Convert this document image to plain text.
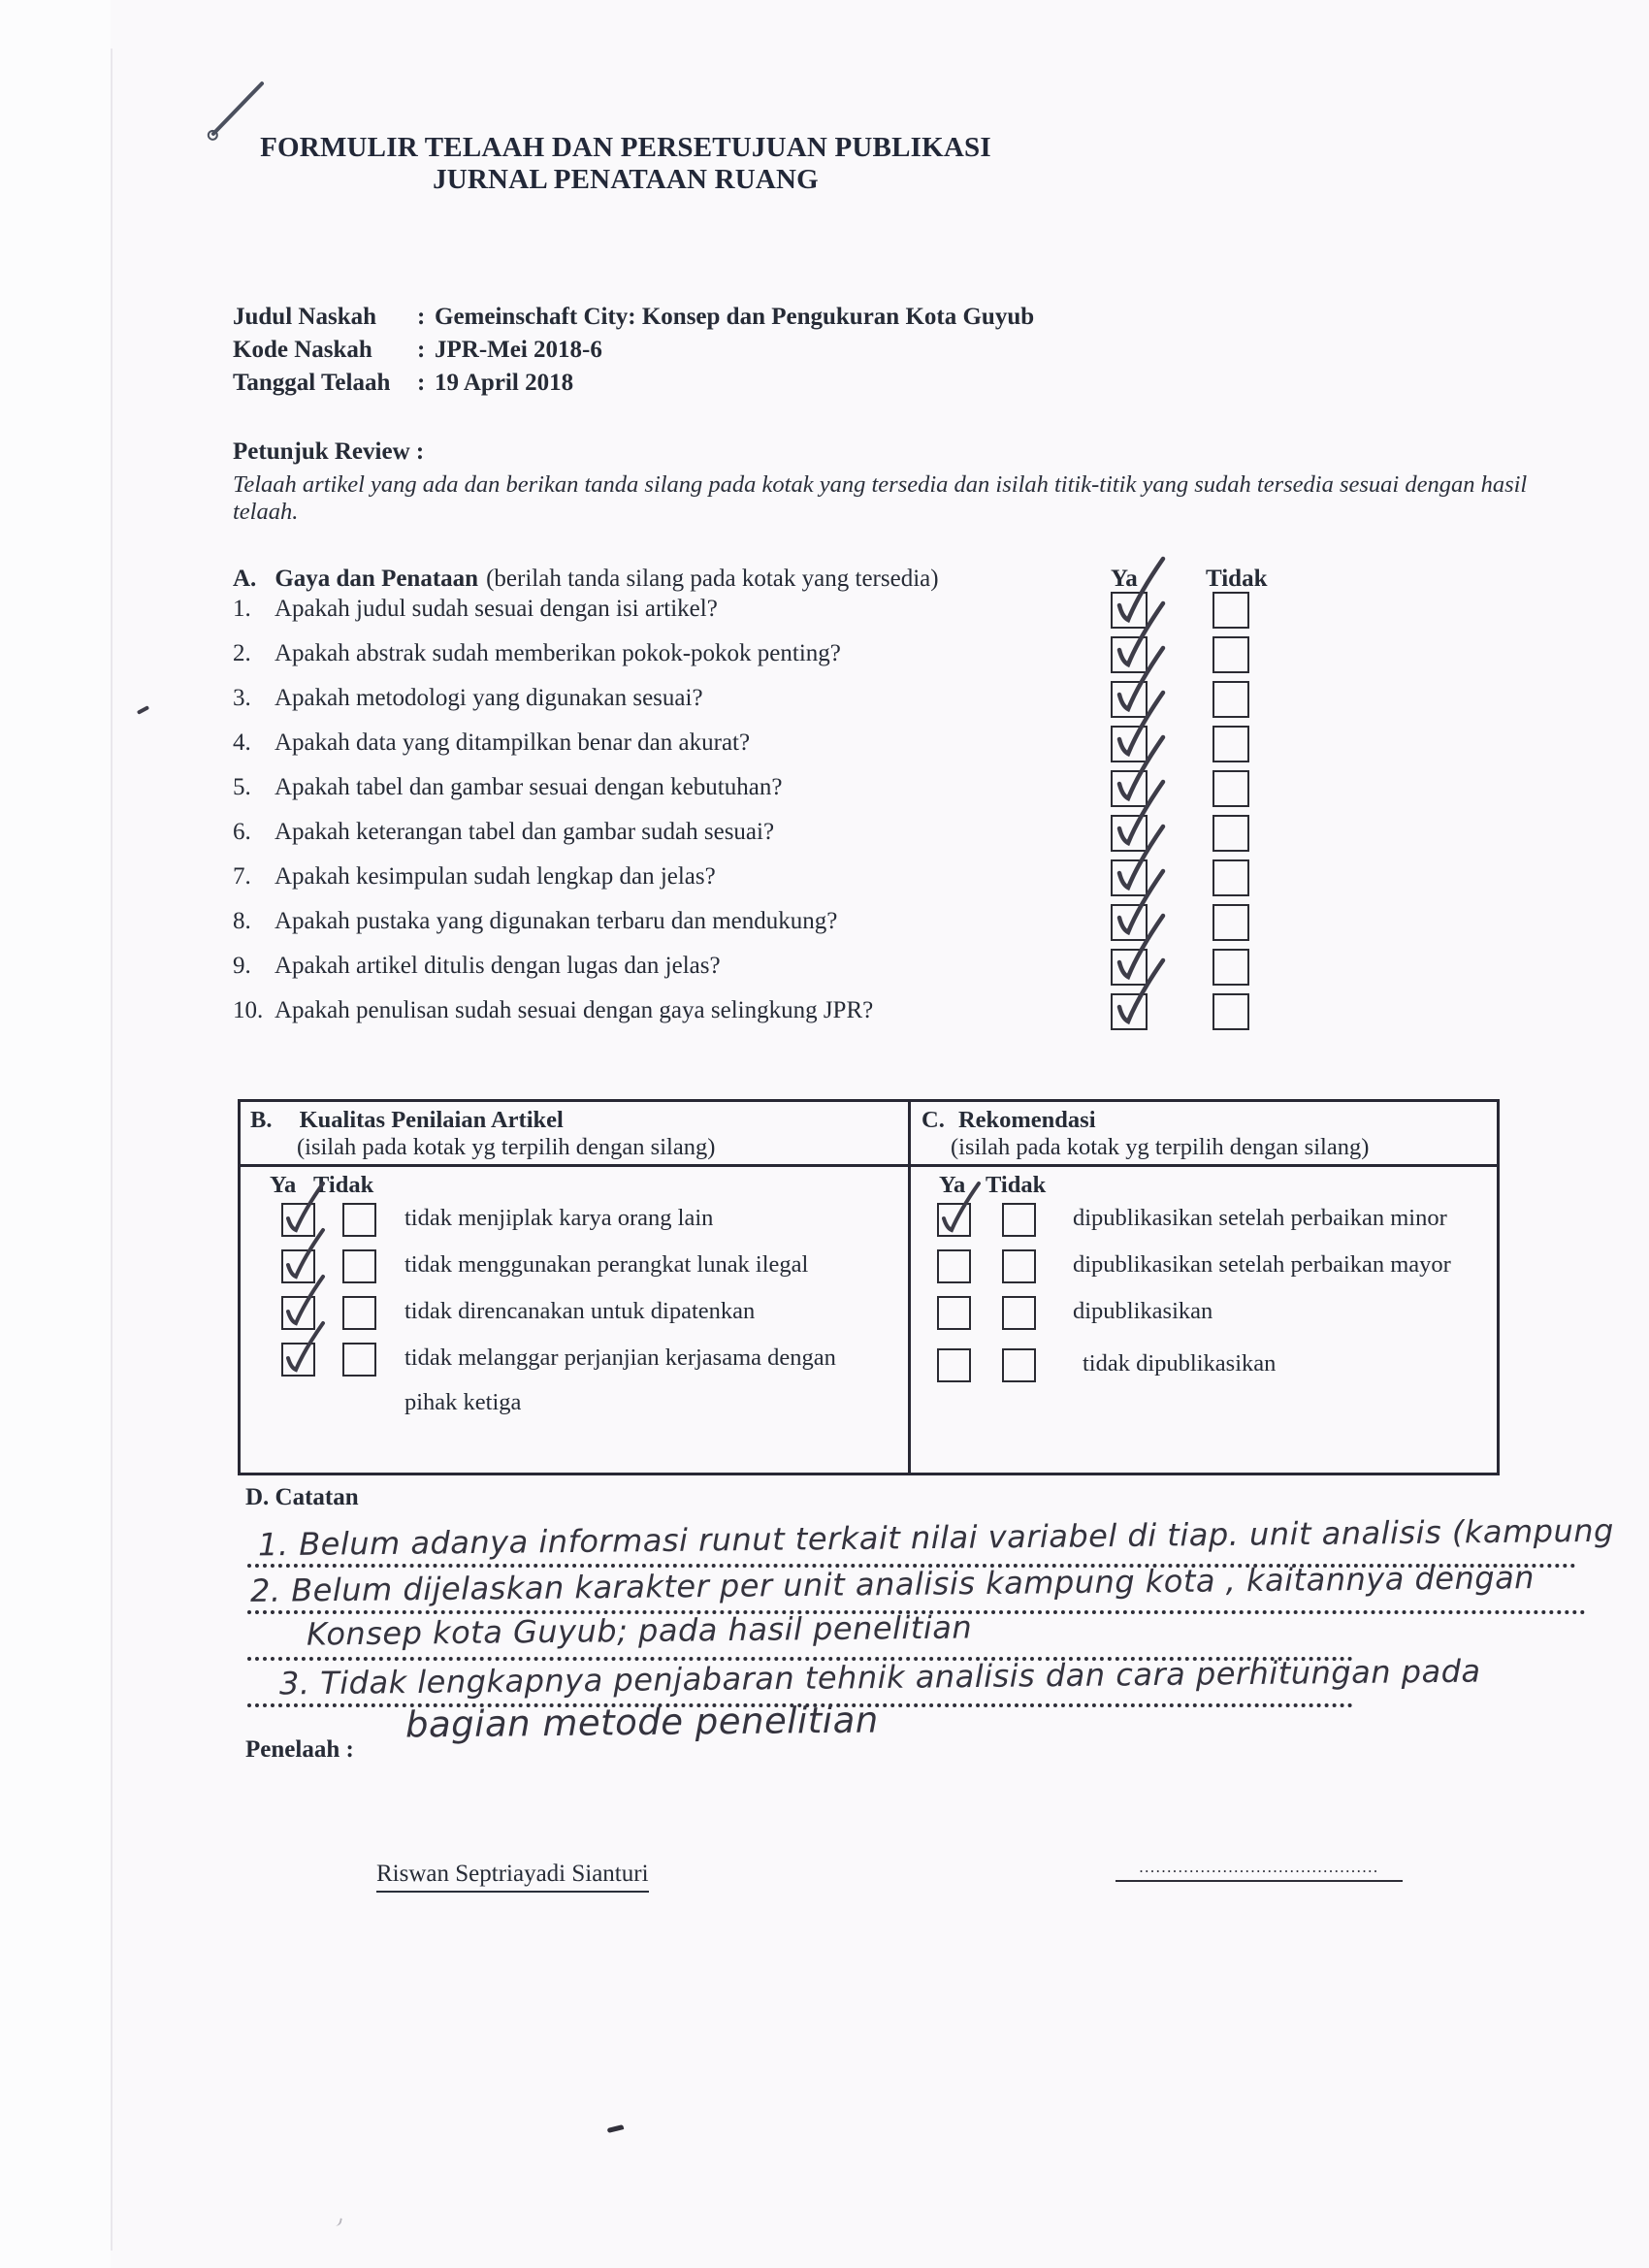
FORMULIR TELAAH DAN PERSETUJUAN PUBLIKASI
JURNAL PENATAAN RUANG
Judul Naskah : Gemeinschaft City: Konsep dan Pengukuran Kota Guyub
Kode Naskah : JPR-Mei 2018-6
Tanggal Telaah : 19 April 2018
Petunjuk Review :
Telaah artikel yang ada dan berikan tanda silang pada kotak yang tersedia dan isilah titik-titik yang sudah tersedia sesuai dengan hasil telaah.
A. Gaya dan Penataan (berilah tanda silang pada kotak yang tersedia)	Ya	Tidak
1. Apakah judul sudah sesuai dengan isi artikel?
2. Apakah abstrak sudah memberikan pokok-pokok penting?
3. Apakah metodologi yang digunakan sesuai?
4. Apakah data yang ditampilkan benar dan akurat?
5. Apakah tabel dan gambar sesuai dengan kebutuhan?
6. Apakah keterangan tabel dan gambar sudah sesuai?
7. Apakah kesimpulan sudah lengkap dan jelas?
8. Apakah pustaka yang digunakan terbaru dan mendukung?
9. Apakah artikel ditulis dengan lugas dan jelas?
10. Apakah penulisan sudah sesuai dengan gaya selingkung JPR?
B. Kualitas Penilaian Artikel
(isilah pada kotak yg terpilih dengan silang)
Ya Tidak
tidak menjiplak karya orang lain
tidak menggunakan perangkat lunak ilegal
tidak direncanakan untuk dipatenkan
tidak melanggar perjanjian kerjasama dengan
pihak ketiga
C. Rekomendasi
(isilah pada kotak yg terpilih dengan silang)
Ya Tidak
dipublikasikan setelah perbaikan minor
dipublikasikan setelah perbaikan mayor
dipublikasikan
tidak dipublikasikan
D. Catatan
1. Belum adanya informasi runut terkait nilai variabel di tiap. unit analisis (kampung
2. Belum dijelaskan karakter per unit analisis kampung kota , kaitannya dengan
Konsep kota Guyub; pada hasil penelitian
3. Tidak lengkapnya penjabaran tehnik analisis dan cara perhitungan pada
bagian metode penelitian
Penelaah :
Riswan Septriayadi Sianturi	...........................................
